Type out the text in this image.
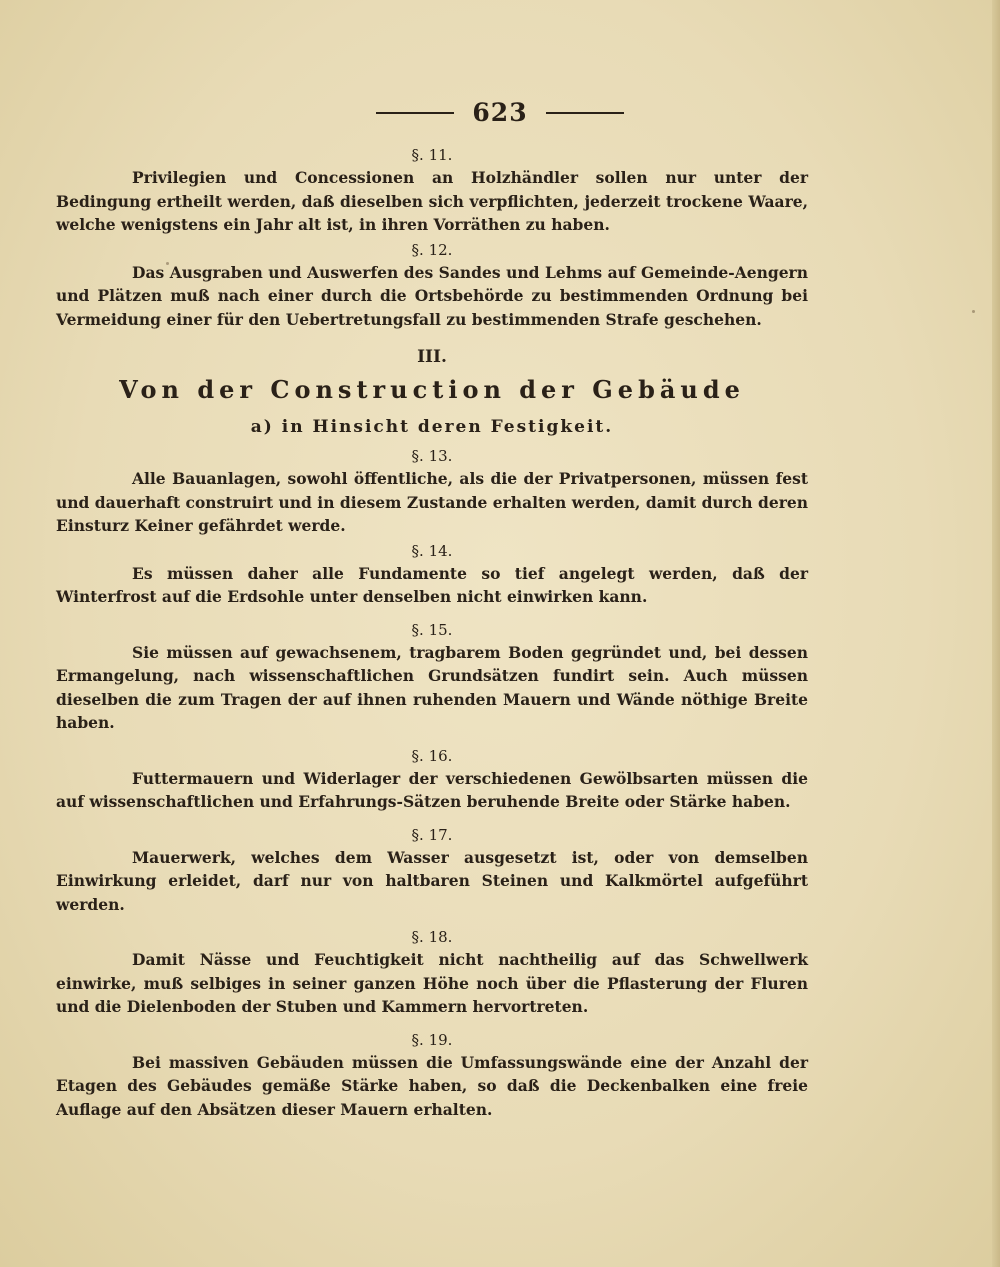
623

§. 11.

Privilegien und Concessionen an Holzhändler sollen nur unter der Bedingung ertheilt werden, daß dieselben sich verpflichten, jederzeit trockene Waare, welche wenigstens ein Jahr alt ist, in ihren Vorräthen zu haben.

§. 12.

Das Ausgraben und Auswerfen des Sandes und Lehms auf Gemeinde-Aengern und Plätzen muß nach einer durch die Ortsbehörde zu bestimmenden Ordnung bei Vermeidung einer für den Uebertretungsfall zu bestimmenden Strafe geschehen.

III.

Von der Construction der Gebäude

a) in Hinsicht deren Festigkeit.

§. 13.

Alle Bauanlagen, sowohl öffentliche, als die der Privatpersonen, müssen fest und dauerhaft construirt und in diesem Zustande erhalten werden, damit durch deren Einsturz Keiner gefährdet werde.

§. 14.

Es müssen daher alle Fundamente so tief angelegt werden, daß der Winterfrost auf die Erdsohle unter denselben nicht einwirken kann.

§. 15.

Sie müssen auf gewachsenem, tragbarem Boden gegründet und, bei dessen Ermangelung, nach wissenschaftlichen Grundsätzen fundirt sein. Auch müssen dieselben die zum Tragen der auf ihnen ruhenden Mauern und Wände nöthige Breite haben.

§. 16.

Futtermauern und Widerlager der verschiedenen Gewölbsarten müssen die auf wissenschaftlichen und Erfahrungs-Sätzen beruhende Breite oder Stärke haben.

§. 17.

Mauerwerk, welches dem Wasser ausgesetzt ist, oder von demselben Einwirkung erleidet, darf nur von haltbaren Steinen und Kalkmörtel aufgeführt werden.

§. 18.

Damit Nässe und Feuchtigkeit nicht nachtheilig auf das Schwellwerk einwirke, muß selbiges in seiner ganzen Höhe noch über die Pflasterung der Fluren und die Dielenboden der Stuben und Kammern hervortreten.

§. 19.

Bei massiven Gebäuden müssen die Umfassungswände eine der Anzahl der Etagen des Gebäudes gemäße Stärke haben, so daß die Deckenbalken eine freie Auflage auf den Absätzen dieser Mauern erhalten.
